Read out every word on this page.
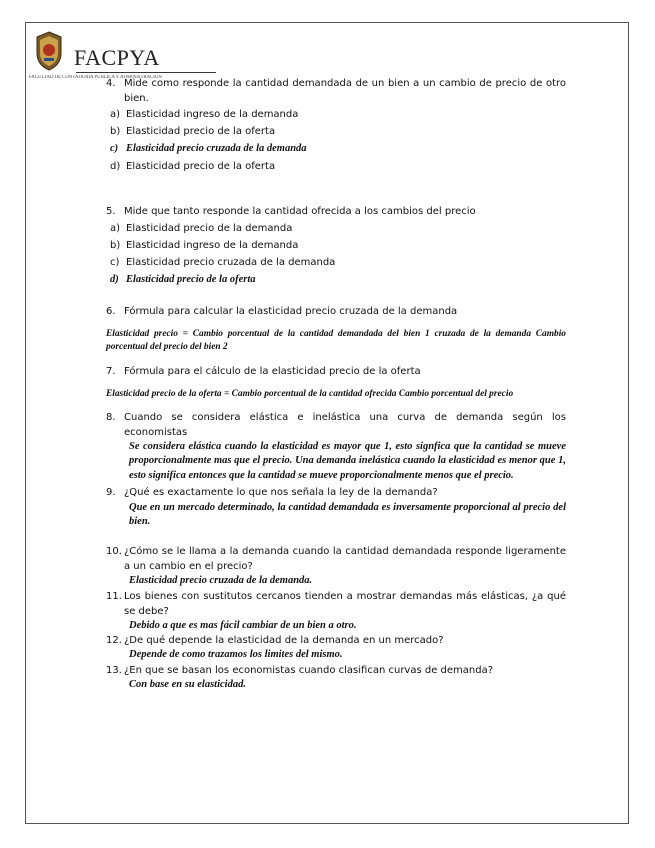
FACPYA
FACULTAD DE CONTADURÍA PÚBLICA Y ADMINISTRACIÓN
4. Mide como responde la cantidad demandada de un bien a un cambio de precio de otro bien.
a) Elasticidad ingreso de la demanda
b) Elasticidad precio de la oferta
c) Elasticidad precio cruzada de la demanda
d) Elasticidad precio de la oferta
5. Mide que tanto responde la cantidad ofrecida a los cambios del precio
a) Elasticidad precio de la demanda
b) Elasticidad ingreso de la demanda
c) Elasticidad precio cruzada de la demanda
d) Elasticidad precio de la oferta
6. Fórmula para calcular la elasticidad precio cruzada de la demanda
Elasticidad precio = Cambio porcentual de la cantidad demandada del bien 1 cruzada de la demanda Cambio porcentual del precio del bien 2
7. Fórmula para el cálculo de la elasticidad precio de la oferta
Elasticidad precio de la oferta = Cambio porcentual de la cantidad ofrecida Cambio porcentual del precio
8. Cuando se considera elástica e inelástica una curva de demanda según los economistas
Se considera elástica cuando la elasticidad es mayor que 1, esto signfica que la cantidad se mueve proporcionalmente mas que el precio. Una demanda inelástica cuando la elasticidad es menor que 1, esto significa entonces que la cantidad se mueve proporcionalmente menos que el precio.
9. ¿Qué es exactamente lo que nos señala la ley de la demanda?
Que en un mercado determinado, la cantidad demandada es inversamente proporcional al precio del bien.
10. ¿Cómo se le llama a la demanda cuando la cantidad demandada responde ligeramente a un cambio en el precio?
Elasticidad precio cruzada de la demanda.
11. Los bienes con sustitutos cercanos tienden a mostrar demandas más elásticas, ¿a qué se debe?
Debido a que es mas fácil cambiar de un bien a otro.
12. ¿De qué depende la elasticidad de la demanda en un mercado?
Depende de como trazamos los limites del mismo.
13. ¿En que se basan los economistas cuando clasifican curvas de demanda?
Con base en su elasticidad.
